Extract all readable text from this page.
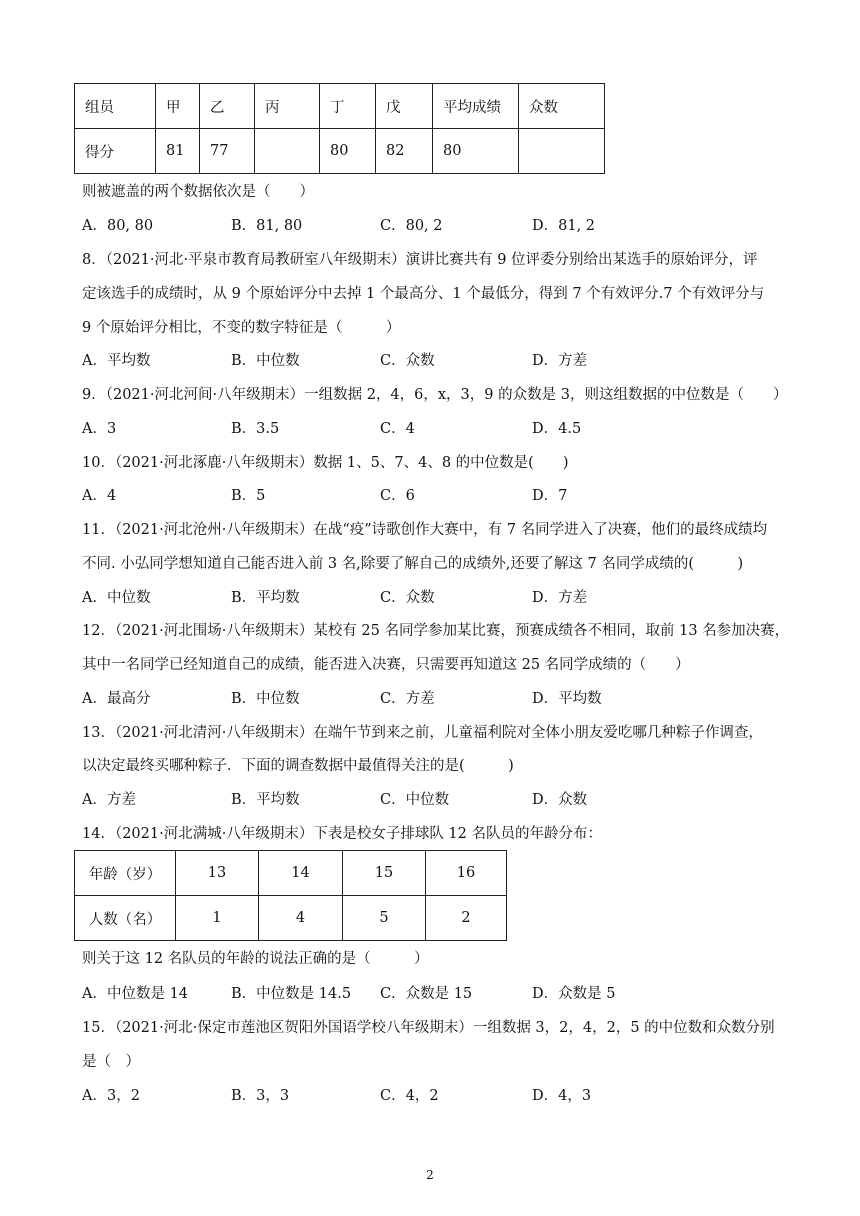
组员	甲	乙	丙	丁	戊	平均成绩	众数
得分	81	77		80	82	80	
则被遮盖的两个数据依次是（　　）
A．80, 80	B．81, 80	C．80, 2	D．81, 2
8．（2021·河北·平泉市教育局教研室八年级期末）演讲比赛共有 9 位评委分别给出某选手的原始评分，评
定该选手的成绩时，从 9 个原始评分中去掉 1 个最高分、1 个最低分，得到 7 个有效评分.7 个有效评分与
9 个原始评分相比，不变的数字特征是（　　　）
A．平均数	B．中位数	C．众数	D．方差
9．（2021·河北河间·八年级期末）一组数据 2，4，6，x，3，9 的众数是 3，则这组数据的中位数是（　　）
A．3	B．3.5	C．4	D．4.5
10．（2021·河北涿鹿·八年级期末）数据 1、5、7、4、8 的中位数是(　　)
A．4	B．5	C．6	D．7
11．（2021·河北沧州·八年级期末）在战“疫”诗歌创作大赛中，有 7 名同学进入了决赛，他们的最终成绩均
不同. 小弘同学想知道自己能否进入前 3 名,除要了解自己的成绩外,还要了解这 7 名同学成绩的(　　　)
A．中位数	B．平均数	C．众数	D．方差
12．（2021·河北围场·八年级期末）某校有 25 名同学参加某比赛，预赛成绩各不相同，取前 13 名参加决赛，
其中一名同学已经知道自己的成绩，能否进入决赛，只需要再知道这 25 名同学成绩的（　　）
A．最高分	B．中位数	C．方差	D．平均数
13．（2021·河北清河·八年级期末）在端午节到来之前，儿童福利院对全体小朋友爱吃哪几种粽子作调查，
以决定最终买哪种粽子．下面的调查数据中最值得关注的是(　　　)
A．方差	B．平均数	C．中位数	D．众数
14．（2021·河北满城·八年级期末）下表是校女子排球队 12 名队员的年龄分布：
年龄（岁）	13	14	15	16
人数（名）	1	4	5	2
则关于这 12 名队员的年龄的说法正确的是（　　　）
A．中位数是 14	B．中位数是 14.5 C．众数是 15	D．众数是 5
15．（2021·河北·保定市莲池区贺阳外国语学校八年级期末）一组数据 3，2，4，2，5 的中位数和众数分别
是（　）
A．3，2	B．3，3	C．4，2	D．4，3
2
